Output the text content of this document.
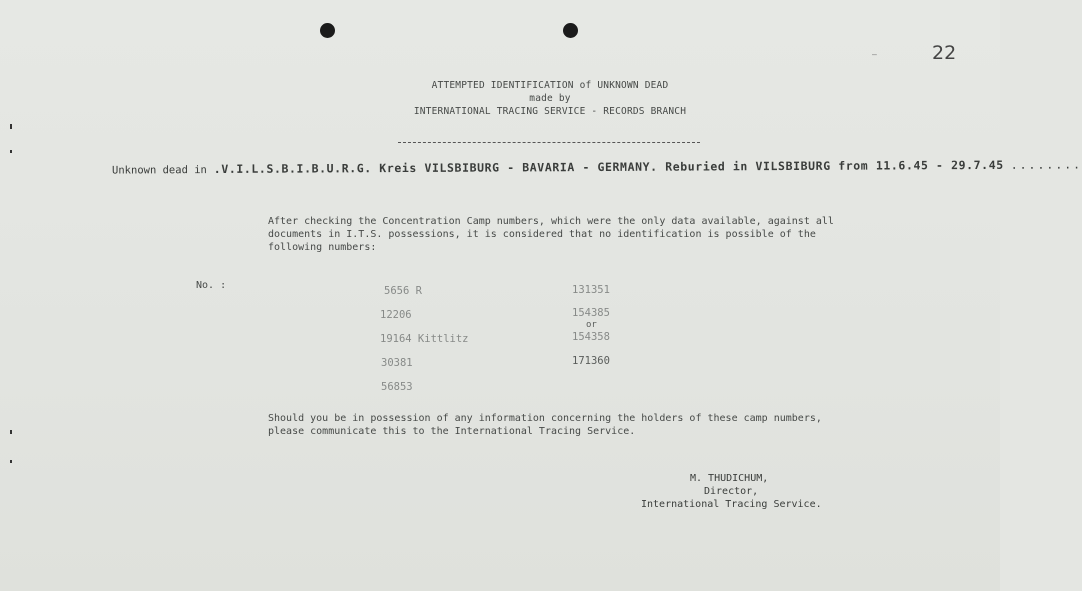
—	22
ATTEMPTED IDENTIFICATION of UNKNOWN DEAD
made by
INTERNATIONAL TRACING SERVICE - RECORDS BRANCH
Unknown dead in .V.I.L.S.B.I.B.U.R.G. Kreis VILSBIBURG - BAVARIA - GERMANY. Reburied in VILSBIBURG from 11.6.45 - 29.7.45 ........
After checking the Concentration Camp numbers, which were the only data available, against all
documents in I.T.S. possessions, it is considered that no identification is possible of the
following numbers:
No. :	5656 R
12206
19164 Kittlitz
30381
56853
131351
154385
or
154358
171360
Should you be in possession of any information concerning the holders of these camp numbers,
please communicate this to the International Tracing Service.
M. THUDICHUM,
Director,
International Tracing Service.
